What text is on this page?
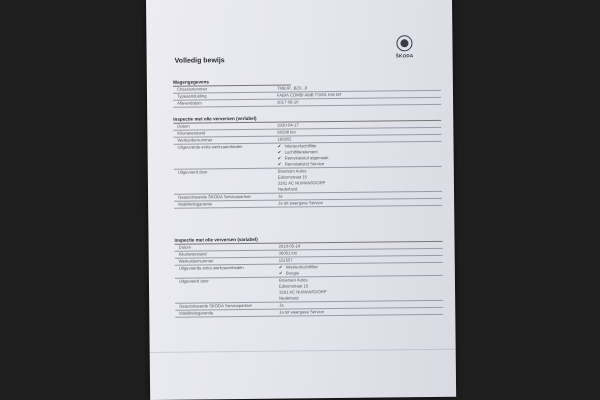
ŠKODA
Volledig bewijs
Wagengegevens
Chassisnummer	TMBJP...BZ0...8
Typeaanduiding	FABIA COMBI AMB TSI/81 KW MT
Afleverdatum	2017-08-10
Inspectie met olie verversen (verlabel)
Datum	2020-04-17
Kilometerstand	60298 km
Werkordernummer	183802
Uitgevoerde extra werkzaamheden	✔ Interieurluchtfilter
✔ Luchtfilterelement
✔ Remvloeistof afgemaak
✔ Remvloeistof Service
Uitgevoerd door	Broersen Autos
Edisonstraat 15
3261 AC NUMANSDORP
Nederland
Geautoriseerde ŠKODA Servicepartner	Ja
Mobiliteitsgarantie	Ja tot weergave Service
Inspectie met olie verversen (variabel)
Datum	2019-05-14
Kilometerstand	36051 km
Werkordernummer	151557
Uitgevoerde extra werkzaamheden	✔ Interieurluchtfilter
✔ Bougie
Uitgevoerd door	Broersen Autos
Edisonstraat 15
3261 AC NUMANSDORP
Nederland
Geautoriseerde ŠKODA Servicepartner	Ja
Mobiliteitsgarantie	Ja tot weergave Service
